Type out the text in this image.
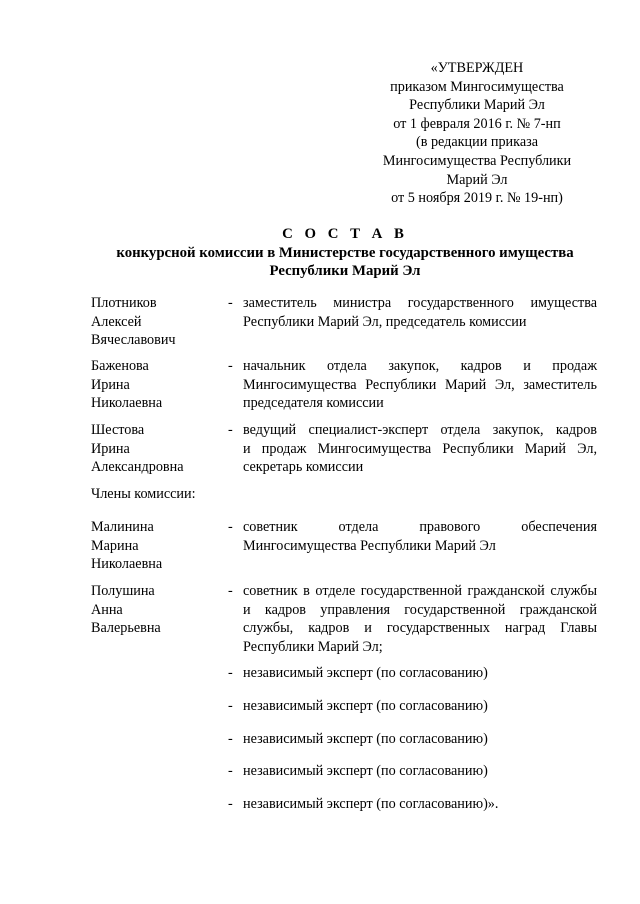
«УТВЕРЖДЕН
приказом Мингосимущества
Республики Марий Эл
от 1 февраля 2016 г. № 7-нп
(в редакции приказа
Мингосимущества Республики
Марий Эл
от 5 ноября 2019 г. № 19-нп)
С О С Т А В
конкурсной комиссии в Министерстве государственного имущества
Республики Марий Эл
Плотников
Алексей
Вячеславович
- заместитель министра государственного имущества
Республики Марий Эл, председатель комиссии
Баженова
Ирина
Николаевна
- начальник отдела закупок, кадров и продаж
Мингосимущества Республики Марий Эл, заместитель
председателя комиссии
Шестова
Ирина
Александровна
- ведущий специалист-эксперт отдела закупок, кадров
и продаж Мингосимущества Республики Марий Эл,
секретарь комиссии
Члены комиссии:
Малинина
Марина
Николаевна
- советник отдела правового обеспечения
Мингосимущества Республики Марий Эл
Полушина
Анна
Валерьевна
- советник в отделе государственной гражданской службы
и кадров управления государственной гражданской
службы, кадров и государственных наград Главы
Республики Марий Эл;
- независимый эксперт (по согласованию)
- независимый эксперт (по согласованию)
- независимый эксперт (по согласованию)
- независимый эксперт (по согласованию)
- независимый эксперт (по согласованию)».
